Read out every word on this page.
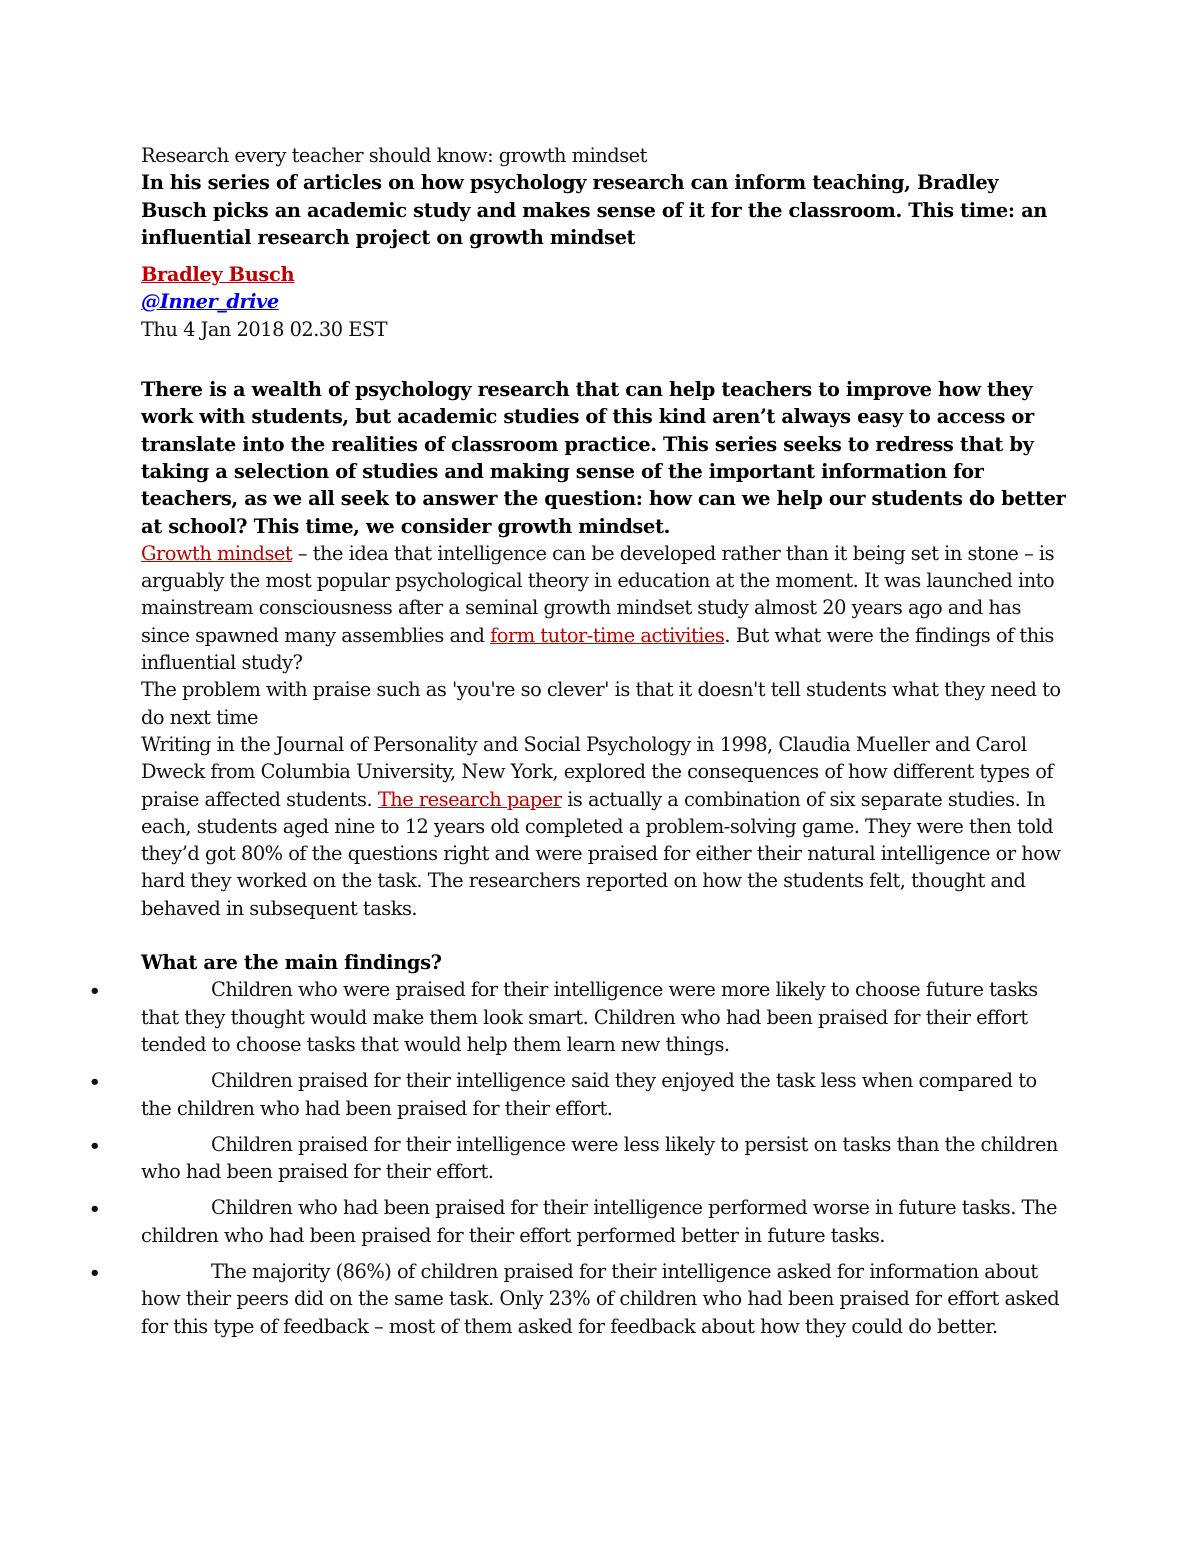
Research every teacher should know: growth mindset

In his series of articles on how psychology research can inform teaching, Bradley Busch picks an academic study and makes sense of it for the classroom. This time: an influential research project on growth mindset

Bradley Busch

@Inner_drive

Thu 4 Jan 2018 02.30 EST

There is a wealth of psychology research that can help teachers to improve how they work with students, but academic studies of this kind aren’t always easy to access or translate into the realities of classroom practice. This series seeks to redress that by taking a selection of studies and making sense of the important information for teachers, as we all seek to answer the question: how can we help our students do better at school? This time, we consider growth mindset.

Growth mindset – the idea that intelligence can be developed rather than it being set in stone – is arguably the most popular psychological theory in education at the moment. It was launched into mainstream consciousness after a seminal growth mindset study almost 20 years ago and has since spawned many assemblies and form tutor-time activities. But what were the findings of this influential study?

The problem with praise such as 'you're so clever' is that it doesn't tell students what they need to do next time

Writing in the Journal of Personality and Social Psychology in 1998, Claudia Mueller and Carol Dweck from Columbia University, New York, explored the consequences of how different types of praise affected students. The research paper is actually a combination of six separate studies. In each, students aged nine to 12 years old completed a problem-solving game. They were then told they’d got 80% of the questions right and were praised for either their natural intelligence or how hard they worked on the task. The researchers reported on how the students felt, thought and behaved in subsequent tasks.

What are the main findings?

•	Children who were praised for their intelligence were more likely to choose future tasks that they thought would make them look smart. Children who had been praised for their effort tended to choose tasks that would help them learn new things.
•	Children praised for their intelligence said they enjoyed the task less when compared to the children who had been praised for their effort.
•	Children praised for their intelligence were less likely to persist on tasks than the children who had been praised for their effort.
•	Children who had been praised for their intelligence performed worse in future tasks. The children who had been praised for their effort performed better in future tasks.
•	The majority (86%) of children praised for their intelligence asked for information about how their peers did on the same task. Only 23% of children who had been praised for effort asked for this type of feedback – most of them asked for feedback about how they could do better.
